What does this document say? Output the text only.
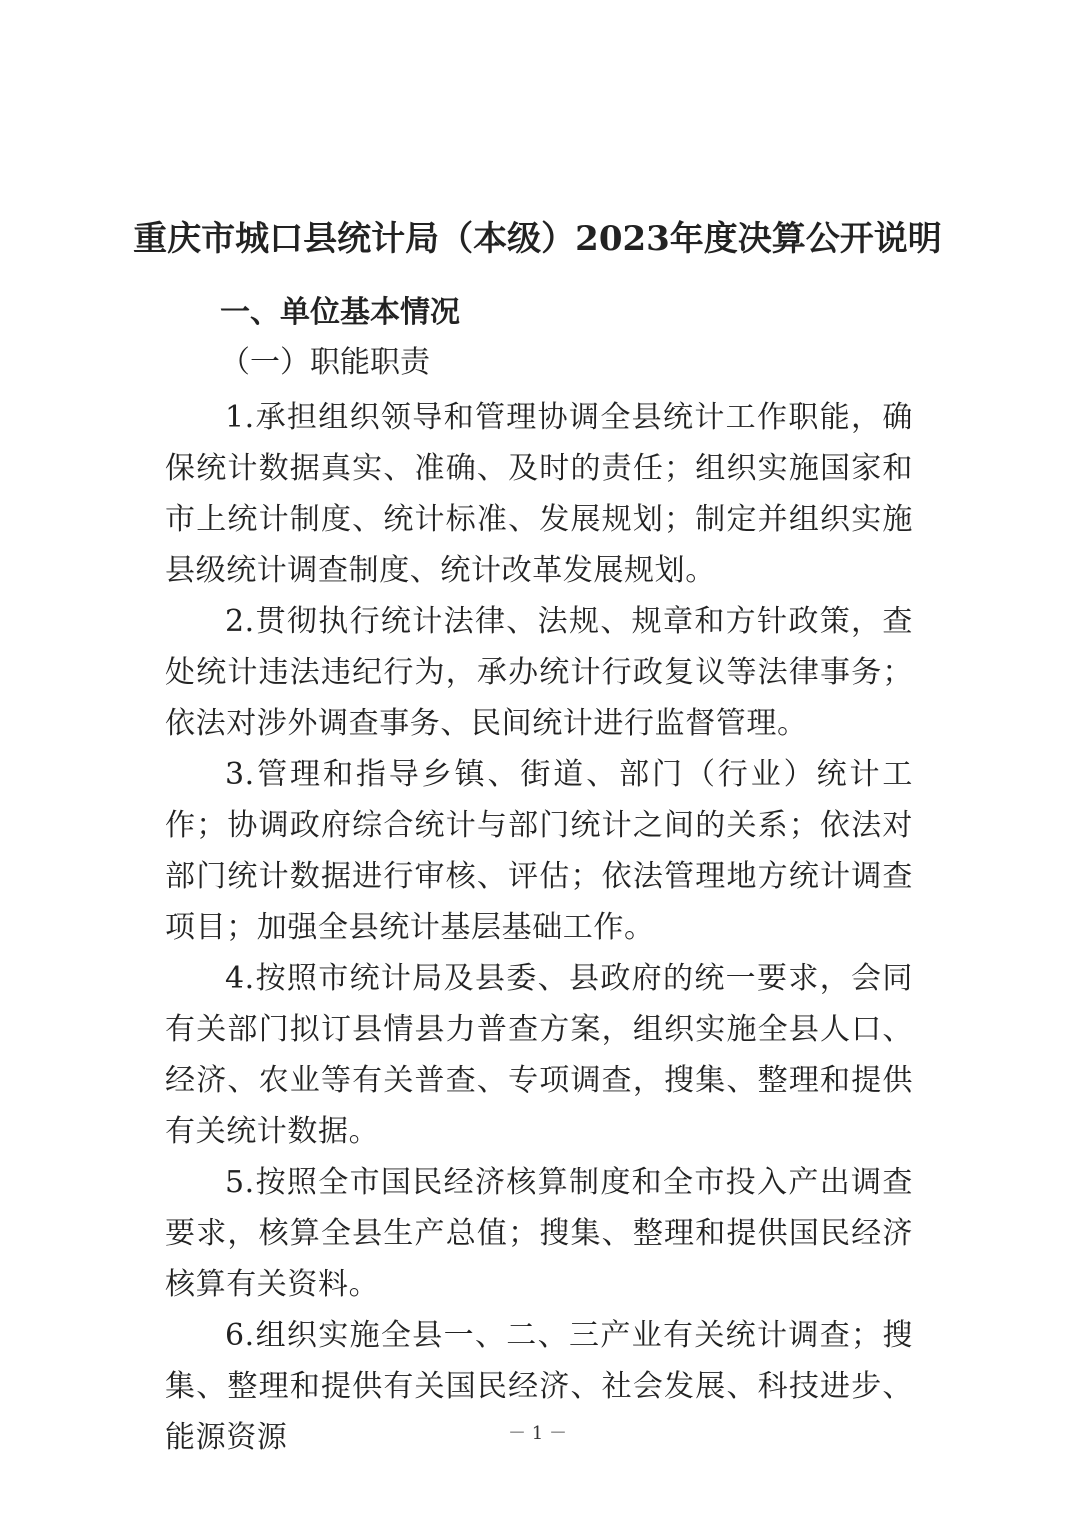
重庆市城口县统计局（本级）2023年度决算公开说明
一、单位基本情况
（一）职能职责

1.承担组织领导和管理协调全县统计工作职能，确保统计数据真实、准确、及时的责任；组织实施国家和市上统计制度、统计标准、发展规划；制定并组织实施县级统计调查制度、统计改革发展规划。

2.贯彻执行统计法律、法规、规章和方针政策，查处统计违法违纪行为，承办统计行政复议等法律事务；依法对涉外调查事务、民间统计进行监督管理。

3.管理和指导乡镇、街道、部门（行业）统计工作；协调政府综合统计与部门统计之间的关系；依法对部门统计数据进行审核、评估；依法管理地方统计调查项目；加强全县统计基层基础工作。

4.按照市统计局及县委、县政府的统一要求，会同有关部门拟订县情县力普查方案，组织实施全县人口、经济、农业等有关普查、专项调查，搜集、整理和提供有关统计数据。

5.按照全市国民经济核算制度和全市投入产出调查要求，核算全县生产总值；搜集、整理和提供国民经济核算有关资料。

6.组织实施全县一、二、三产业有关统计调查；搜集、整理和提供有关国民经济、社会发展、科技进步、能源资源	－ 1 －
